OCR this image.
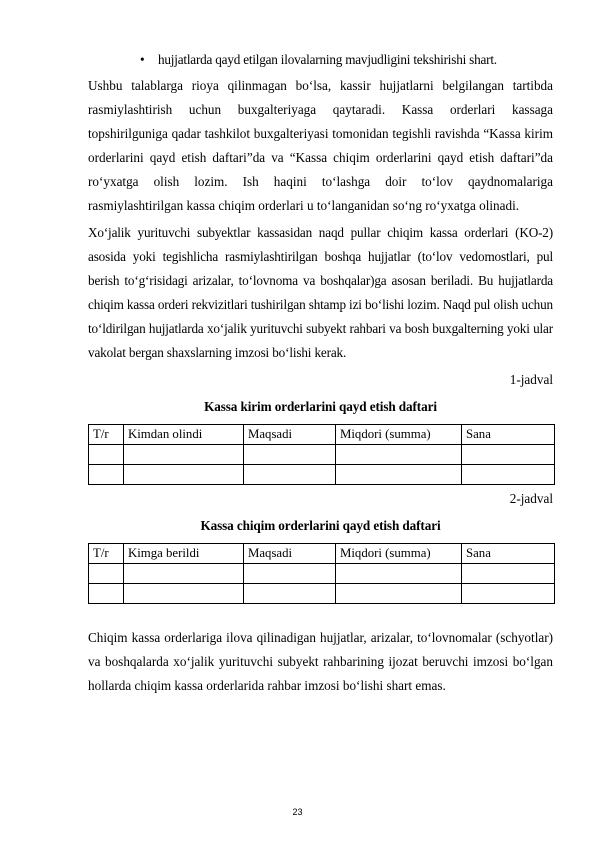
• hujjatlarda qayd etilgan ilovalarning mavjudligini tekshirishi shart.

Ushbu talablarga rioya qilinmagan bo‘lsa, kassir hujjatlarni belgilangan tartibda rasmiylashtirish uchun buxgalteriyaga qaytaradi. Kassa orderlari kassaga topshirilguniga qadar tashkilot buxgalteriyasi tomonidan tegishli ravishda “Kassa kirim orderlarini qayd etish daftari”da va “Kassa chiqim orderlarini qayd etish daftari”da ro‘yxatga olish lozim. Ish haqini to‘lashga doir to‘lov qaydnomalariga rasmiylashtirilgan kassa chiqim orderlari u to‘langanidan so‘ng ro‘yxatga olinadi.

Xo‘jalik yurituvchi subyektlar kassasidan naqd pullar chiqim kassa orderlari (KO-2) asosida yoki tegishlicha rasmiylashtirilgan boshqa hujjatlar (to‘lov vedomostlari, pul berish to‘g‘risidagi arizalar, to‘lovnoma va boshqalar)ga asosan beriladi. Bu hujjatlarda chiqim kassa orderi rekvizitlari tushirilgan shtamp izi bo‘lishi lozim. Naqd pul olish uchun to‘ldirilgan hujjatlarda xo‘jalik yurituvchi subyekt rahbari va bosh buxgalterning yoki ular vakolat bergan shaxslarning imzosi bo‘lishi kerak.

1-jadval
Kassa kirim orderlarini qayd etish daftari
T/r	Kimdan olindi	Maqsadi	Miqdori (summa)	Sana

2-jadval
Kassa chiqim orderlarini qayd etish daftari
T/r	Kimga berildi	Maqsadi	Miqdori (summa)	Sana

Chiqim kassa orderlariga ilova qilinadigan hujjatlar, arizalar, to‘lovnomalar (schyotlar) va boshqalarda xo‘jalik yurituvchi subyekt rahbarining ijozat beruvchi imzosi bo‘lgan hollarda chiqim kassa orderlarida rahbar imzosi bo‘lishi shart emas.

23
